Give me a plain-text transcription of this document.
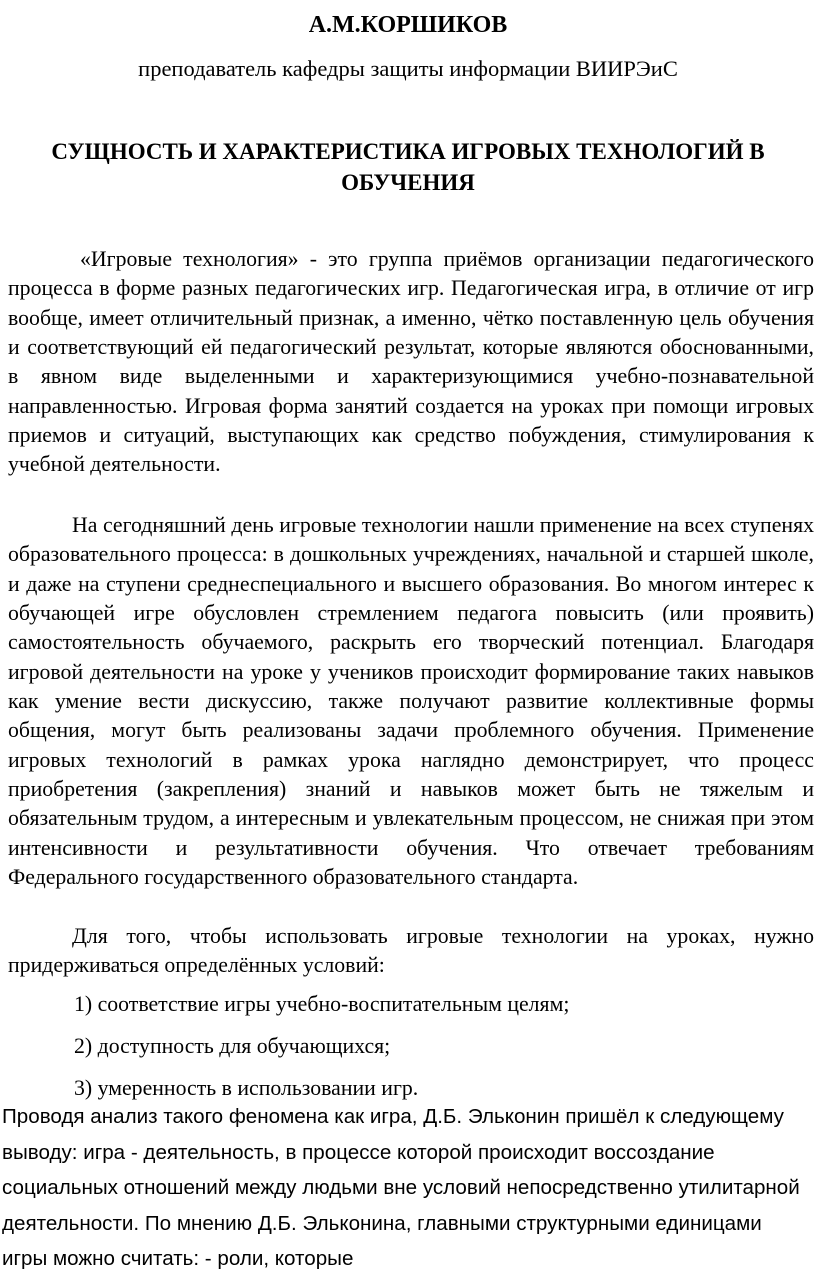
А.М.КОРШИКОВ

преподаватель кафедры защиты информации ВИИРЭиС

СУЩНОСТЬ И ХАРАКТЕРИСТИКА ИГРОВЫХ ТЕХНОЛОГИЙ В ОБУЧЕНИЯ

«Игровые технология» - это группа приёмов организации педагогического процесса в форме разных педагогических игр. Педагогическая игра, в отличие от игр вообще, имеет отличительный признак, а именно, чётко поставленную цель обучения и соответствующий ей педагогический результат, которые являются обоснованными, в явном виде выделенными и характеризующимися учебно-познавательной направленностью. Игровая форма занятий создается на уроках при помощи игровых приемов и ситуаций, выступающих как средство побуждения, стимулирования к учебной деятельности.

На сегодняшний день игровые технологии нашли применение на всех ступенях образовательного процесса: в дошкольных учреждениях, начальной и старшей школе, и даже на ступени среднеспециального и высшего образования. Во многом интерес к обучающей игре обусловлен стремлением педагога повысить (или проявить) самостоятельность обучаемого, раскрыть его творческий потенциал. Благодаря игровой деятельности на уроке у учеников происходит формирование таких навыков как умение вести дискуссию, также получают развитие коллективные формы общения, могут быть реализованы задачи проблемного обучения. Применение игровых технологий в рамках урока наглядно демонстрирует, что процесс приобретения (закрепления) знаний и навыков может быть не тяжелым и обязательным трудом, а интересным и увлекательным процессом, не снижая при этом интенсивности и результативности обучения. Что отвечает требованиям Федерального государственного образовательного стандарта.

Для того, чтобы использовать игровые технологии на уроках, нужно придерживаться определённых условий:

1) соответствие игры учебно-воспитательным целям;

2) доступность для обучающихся;

3) умеренность в использовании игр.

Проводя анализ такого феномена как игра, Д.Б. Эльконин пришёл к следующему выводу: игра - деятельность, в процессе которой происходит воссоздание социальных отношений между людьми вне условий непосредственно утилитарной деятельности. По мнению Д.Б. Эльконина, главными структурными единицами игры можно считать: - роли, которые
